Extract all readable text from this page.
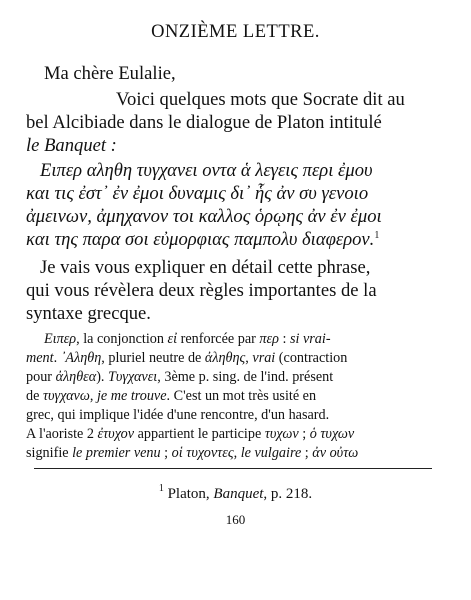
ONZIÈME LETTRE.
Ma chère Eulalie,
Voici quelques mots que Socrate dit au
bel Alcibiade dans le dialogue de Platon intitulé
le Banquet :
Ειπερ αληθη τυγχανει οντα ἁ λεγεις περι ἐμου
και τις ἐστ᾽ ἐν ἐμοι δυναμις δι᾽ ἧς ἀν συ γενοιο
ἀμεινων, ἀμηχανον τοι καλλος ὁρῳης ἀν ἐν ἐμοι
και της παρα σοι εὐμορφιας παμπολυ διαφερον.$^1$
Je vais vous expliquer en détail cette phrase,
qui vous révèlera deux règles importantes de la
syntaxe grecque.
Ειπερ, la conjonction εἰ renforcée par περ : si vrai-
ment. ᾽Αληθη, pluriel neutre de ἀληθης, vrai (contraction
pour ἀληθεα). Τυγχανει, 3ème p. sing. de l'ind. présent
de τυγχανω, je me trouve. C'est un mot très usité en
grec, qui implique l'idée d'une rencontre, d'un hasard.
A l'aoriste 2 ἐτυχον appartient le participe τυχων ; ὁ τυχων
signifie le premier venu ; οἱ τυχοντες, le vulgaire ; ἀν οὐτω
$^1$ Platon, Banquet, p. 218.
160
